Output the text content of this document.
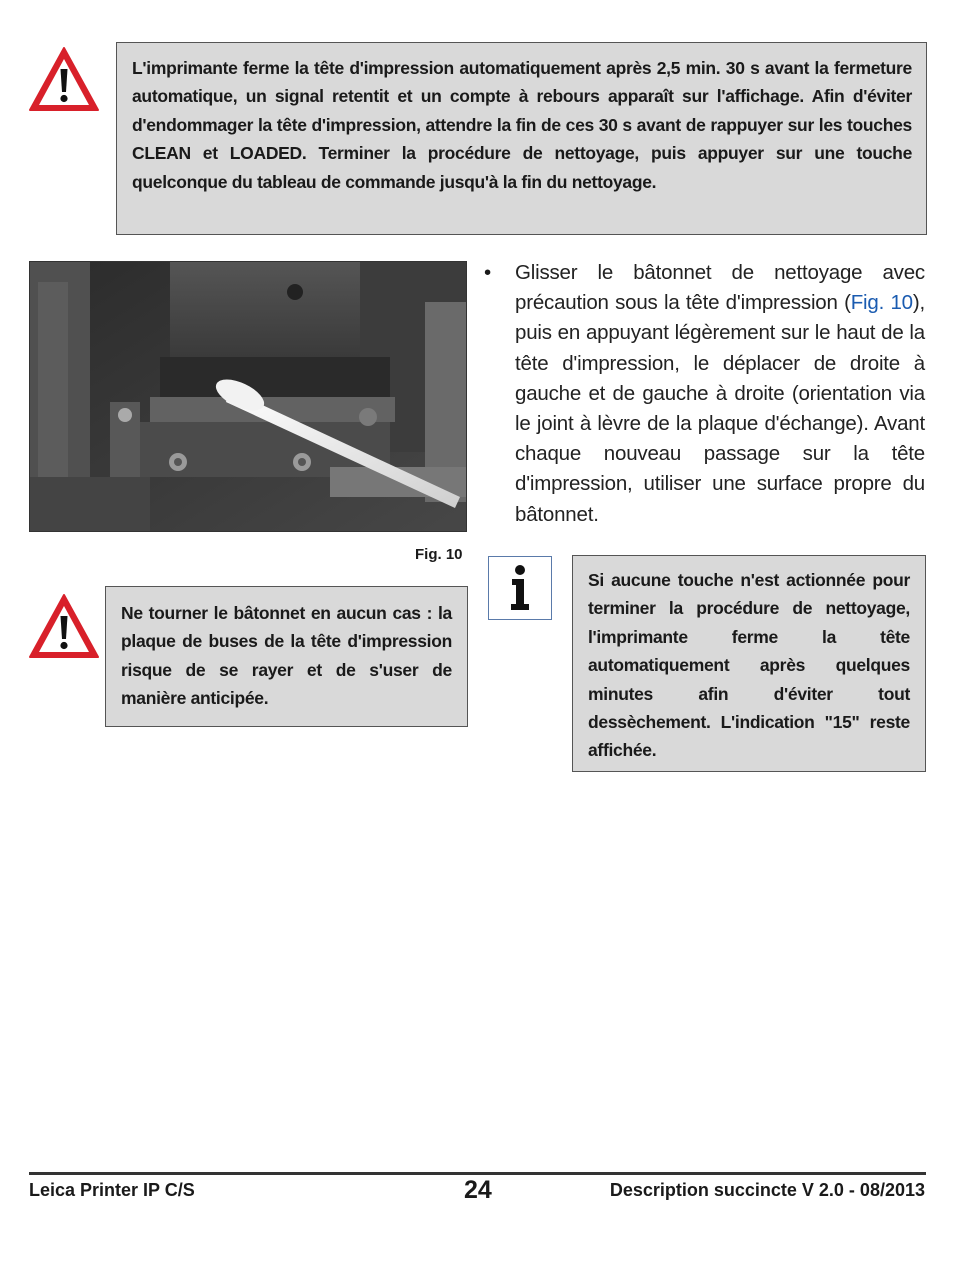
L'imprimante ferme la tête d'impression automatiquement après 2,5 min. 30 s avant la fermeture automatique, un signal retentit et un compte à rebours apparaît sur l'affichage. Afin d'éviter d'endommager la tête d'impression, attendre la fin de ces 30 s avant de rappuyer sur les touches CLEAN et LOADED. Terminer la procédure de nettoyage, puis appuyer sur une touche quelconque du tableau de commande jusqu'à la fin du nettoyage.
Fig. 10
• Glisser le bâtonnet de nettoyage avec précaution sous la tête d'impression (Fig. 10), puis en appuyant légèrement sur le haut de la tête d'impression, le déplacer de droite à gauche et de gauche à droite (orientation via le joint à lèvre de la plaque d'échange). Avant chaque nouveau passage sur la tête d'impression, utiliser une surface propre du bâtonnet.
Si aucune touche n'est actionnée pour terminer la procédure de nettoyage, l'imprimante ferme la tête automatiquement après quelques minutes afin d'éviter tout dessèchement. L'indication "15" reste affichée.
Ne tourner le bâtonnet en aucun cas : la plaque de buses de la tête d'impression risque de se rayer et de s'user de manière anticipée.
Leica Printer IP C/S	24	Description succincte V 2.0 - 08/2013
